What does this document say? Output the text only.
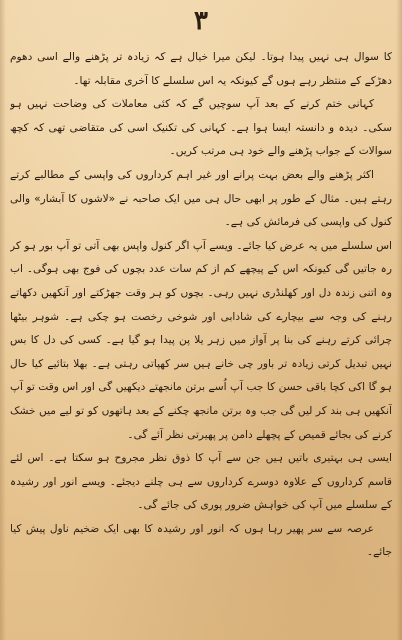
۳

کا سوال ہی نہیں پیدا ہوتا۔ لیکن میرا خیال ہے کہ زیادہ تر پڑھنے والے اسی دھوم دھڑکے کے منتظر رہے ہوں گے کیونکہ یہ اس سلسلے کا آخری مقابلہ تھا۔

کہانی ختم کرنے کے بعد آپ سوچیں گے کہ کئی معاملات کی وضاحت نہیں ہو سکی۔ دیدہ و دانستہ ایسا ہوا ہے۔ کہانی کی تکنیک اسی کی متقاضی تھی کہ کچھ سوالات کے جواب پڑھنے والے خود ہی مرتب کریں۔

اکثر پڑھنے والے بعض بہت پرانے اور غیر اہم کرداروں کی واپسی کے مطالبے کرتے رہتے ہیں۔ مثال کے طور پر ابھی حال ہی میں ایک صاحبہ نے «لاشوں کا آبشار» والی کنول کی واپسی کی فرمائش کی ہے۔

اس سلسلے میں یہ عرض کیا جائے۔ ویسے آپ اگر کنول واپس بھی آتی تو آپ بور ہو کر رہ جاتیں گی کیونکہ اس کے پیچھے کم از کم سات عدد بچوں کی فوج بھی ہوگی۔ اب وہ اتنی زندہ دل اور کھلنڈری نہیں رہی۔ بچوں کو ہر وقت جھڑکتے اور آنکھیں دکھاتے رہنے کی وجہ سے بیچارے کی شادابی اور شوخی رخصت ہو چکی ہے۔ شوہر بیٹھا چرائی کرتے رہنے کی بنا پر آواز میں زہر یلا پن پیدا ہو گیا ہے۔ کسی کی دل کا بس نہیں تبدیل کرتی زیادہ تر باور چی خانے ہیں سر کھپاتی رہتی ہے۔ بھلا بتائیے کیا حال ہو گا اکی کچا باقی حسن کا جب آپ اُسے برتن مانجھتے دیکھیں گی اور اس وقت تو آپ آنکھیں ہی بند کر لیں گی جب وہ برتن مانجھ چکنے کے بعد ہاتھوں کو تو لیے میں خشک کرنے کی بجائے قمیص کے پچھلے دامن پر پھیرتی نظر آئے گی۔

ایسی ہی بہتیری باتیں ہیں جن سے آپ کا ذوق نظر مجروح ہو سکتا ہے۔ اس لئے قاسم کرداروں کے علاوہ دوسرے کرداروں سے ہی چلنے دیجئے۔ ویسے انور اور رشیدہ کے سلسلے میں آپ کی خواہش ضرور پوری کی جائے گی۔

عرصہ سے سر پھیر رہا ہوں کہ انور اور رشیدہ کا بھی ایک ضخیم ناول پیش کیا جائے۔
